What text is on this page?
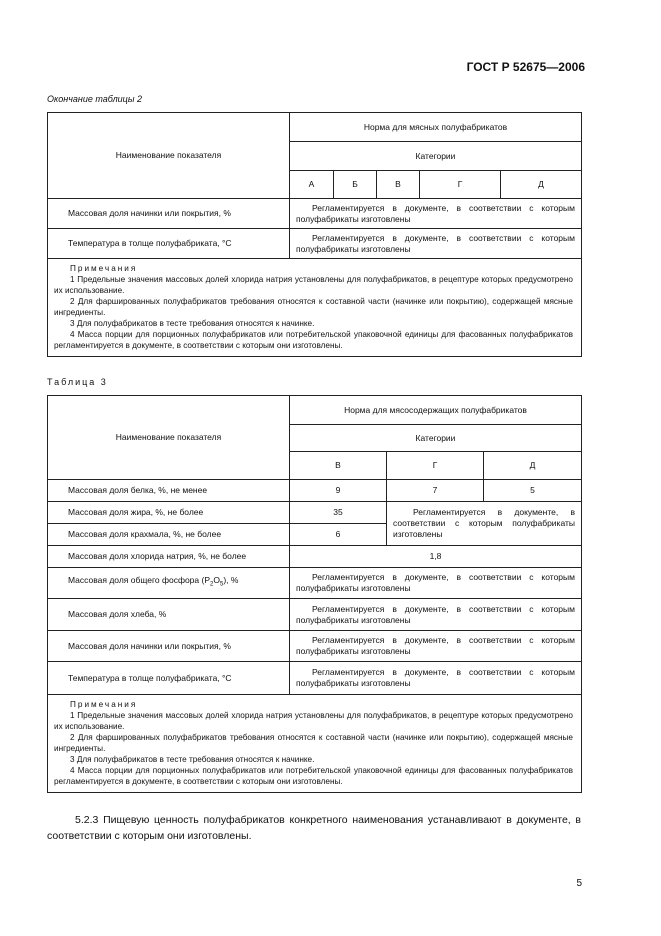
ГОСТ Р 52675—2006
Окончание таблицы 2
Наименование показателя	Норма для мясных полуфабрикатов				
	Категории				
	А	Б	В	Г	Д
Массовая доля начинки или покрытия, %	Регламентируется в документе, в соответствии с которым полуфабрикаты изготовлены				
Температура в толще полуфабриката, °С	Регламентируется в документе, в соответствии с которым полуфабрикаты изготовлены				

Примечания

1 Предельные значения массовых долей хлорида натрия установлены для полуфабрикатов, в рецептуре которых предусмотрено их использование.

2 Для фаршированных полуфабрикатов требования относятся к составной части (начинке или покрытию), содержащей мясные ингредиенты.

3 Для полуфабрикатов в тесте требования относятся к начинке.

4 Масса порции для порционных полуфабрикатов или потребительской упаковочной единицы для фасованных полуфабрикатов регламентируется в документе, в соответствии с которым они изготовлены.					

Таблица 3
Наименование показателя	Норма для мясосодержащих полуфабрикатов		
	Категории		
	В	Г	Д
Массовая доля белка, %, не менее	9	7	5
Массовая доля жира, %, не более	35	Регламентируется в документе, в соответствии с которым полуфабрикаты изготовлены	
Массовая доля крахмала, %, не более	6		
Массовая доля хлорида натрия, %, не более	1,8		
Массовая доля общего фосфора $(Р_2О_5)$, %	Регламентируется в документе, в соответствии с которым полуфабрикаты изготовлены		
Массовая доля хлеба, %	Регламентируется в документе, в соответствии с которым полуфабрикаты изготовлены		
Массовая доля начинки или покрытия, %	Регламентируется в документе, в соответствии с которым полуфабрикаты изготовлены		
Температура в толще полуфабриката, °С	Регламентируется в документе, в соответствии с которым полуфабрикаты изготовлены		

Примечания

1 Предельные значения массовых долей хлорида натрия установлены для полуфабрикатов, в рецептуре которых предусмотрено их использование.

2 Для фаршированных полуфабрикатов требования относятся к составной части (начинке или покрытию), содержащей мясные ингредиенты.

3 Для полуфабрикатов в тесте требования относятся к начинке.

4 Масса порции для порционных полуфабрикатов или потребительской упаковочной единицы для фасованных полуфабрикатов регламентируется в документе, в соответствии с которым они изготовлены.			

5.2.3 Пищевую ценность полуфабрикатов конкретного наименования устанавливают в документе, в соответствии с которым они изготовлены.
5
